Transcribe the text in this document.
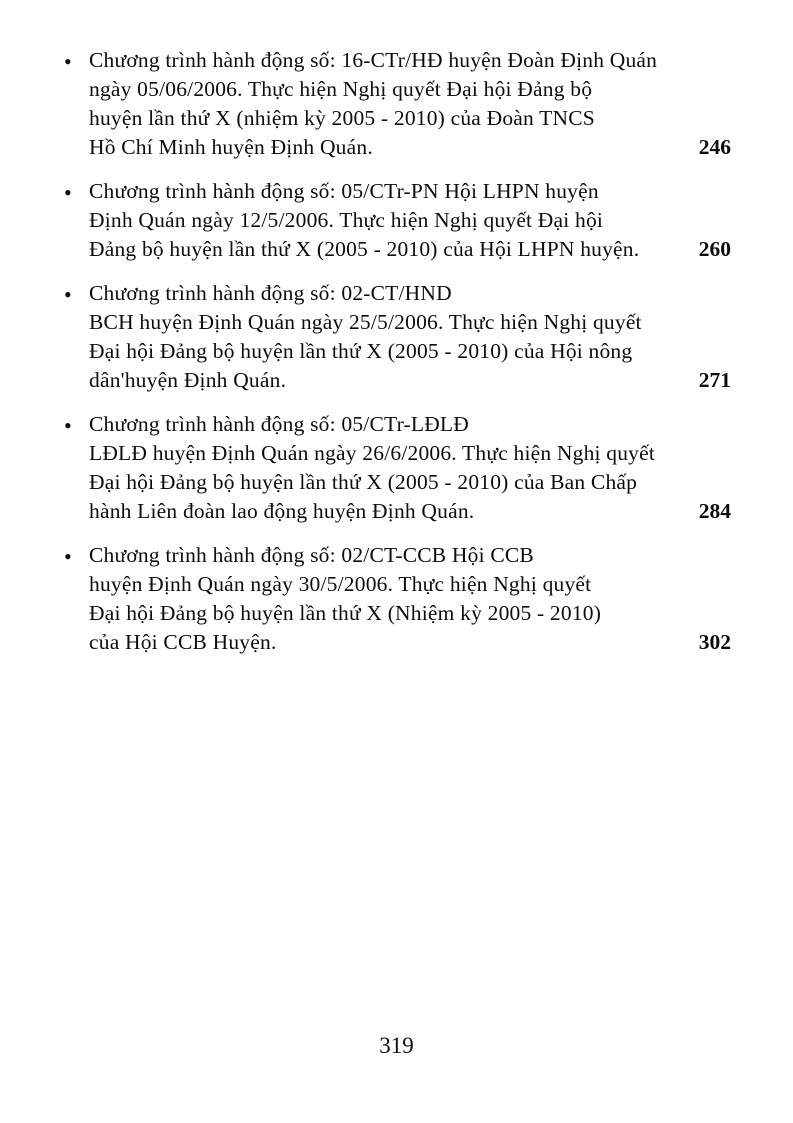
• Chương trình hành động số: 16-CTr/HĐ huyện Đoàn Định Quán
ngày 05/06/2006. Thực hiện Nghị quyết Đại hội Đảng bộ
huyện lần thứ X (nhiệm kỳ 2005 - 2010) của Đoàn TNCS
Hồ Chí Minh huyện Định Quán.	246
• Chương trình hành động số: 05/CTr-PN Hội LHPN huyện
Định Quán ngày 12/5/2006. Thực hiện Nghị quyết Đại hội
Đảng bộ huyện lần thứ X (2005 - 2010) của Hội LHPN huyện.	260
• Chương trình hành động số: 02-CT/HND
BCH huyện Định Quán ngày 25/5/2006. Thực hiện Nghị quyết
Đại hội Đảng bộ huyện lần thứ X (2005 - 2010) của Hội nông
dân'huyện Định Quán.	271
• Chương trình hành động số: 05/CTr-LĐLĐ
LĐLĐ huyện Định Quán ngày 26/6/2006. Thực hiện Nghị quyết
Đại hội Đảng bộ huyện lần thứ X (2005 - 2010) của Ban Chấp
hành Liên đoàn lao động huyện Định Quán.	284
• Chương trình hành động số: 02/CT-CCB Hội CCB
huyện Định Quán ngày 30/5/2006. Thực hiện Nghị quyết
Đại hội Đảng bộ huyện lần thứ X (Nhiệm kỳ 2005 - 2010)
của Hội CCB Huyện.	302
319
